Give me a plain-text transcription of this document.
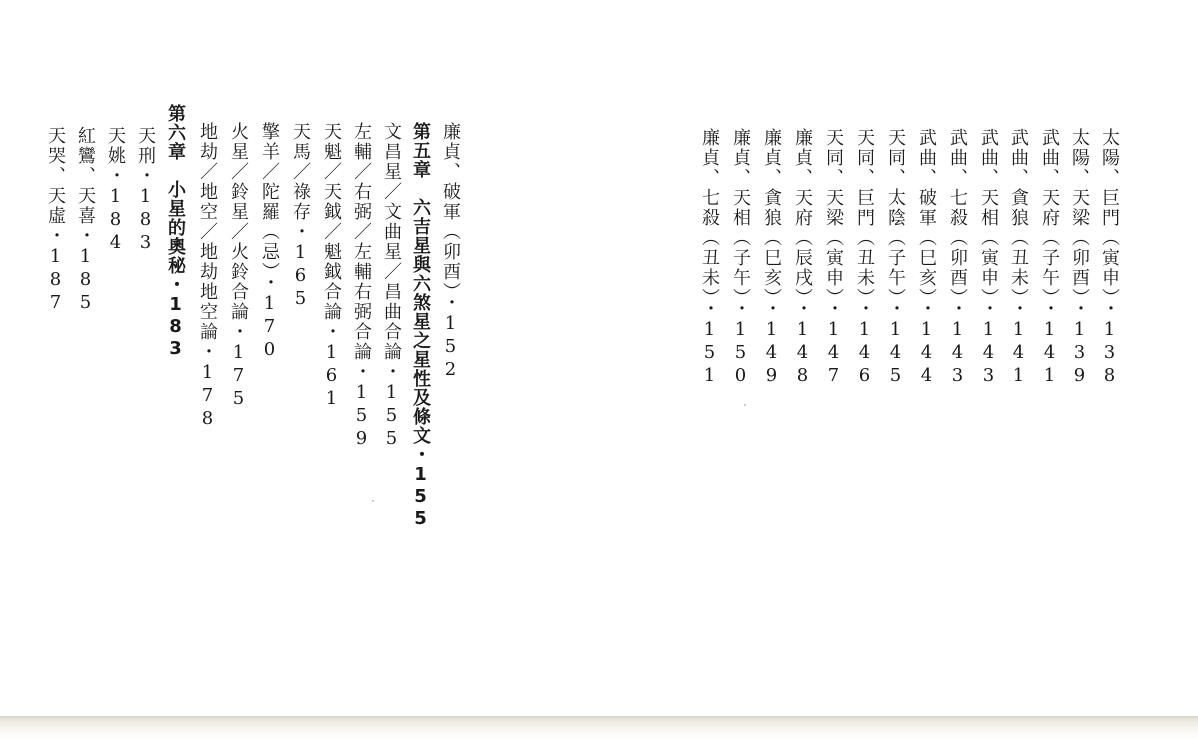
太陽、巨門（寅申）・138
太陽、天梁（卯酉）・139
武曲、天府（子午）・141
武曲、貪狼（丑未）・141
武曲、天相（寅申）・143
武曲、七殺（卯酉）・143
武曲、破軍（巳亥）・144
天同、太陰（子午）・145
天同、巨門（丑未）・146
天同、天梁（寅申）・147
廉貞、天府（辰戌）・148
廉貞、貪狼（巳亥）・149
廉貞、天相（子午）・150
廉貞、七殺（丑未）・151
廉貞、破軍（卯酉）・152
第五章　六吉星與六煞星之星性及條文・155
文昌星／文曲星／昌曲合論・155
左輔／右弼／左輔右弼合論・159
天魁／天鉞／魁鉞合論・161
天馬／祿存・165
擎羊／陀羅（忌）・170
火星／鈴星／火鈴合論・175
地劫／地空／地劫地空論・178
第六章　小星的奧秘・183
天刑・183
天姚・184
紅鸞、天喜・185
天哭、天虛・187
